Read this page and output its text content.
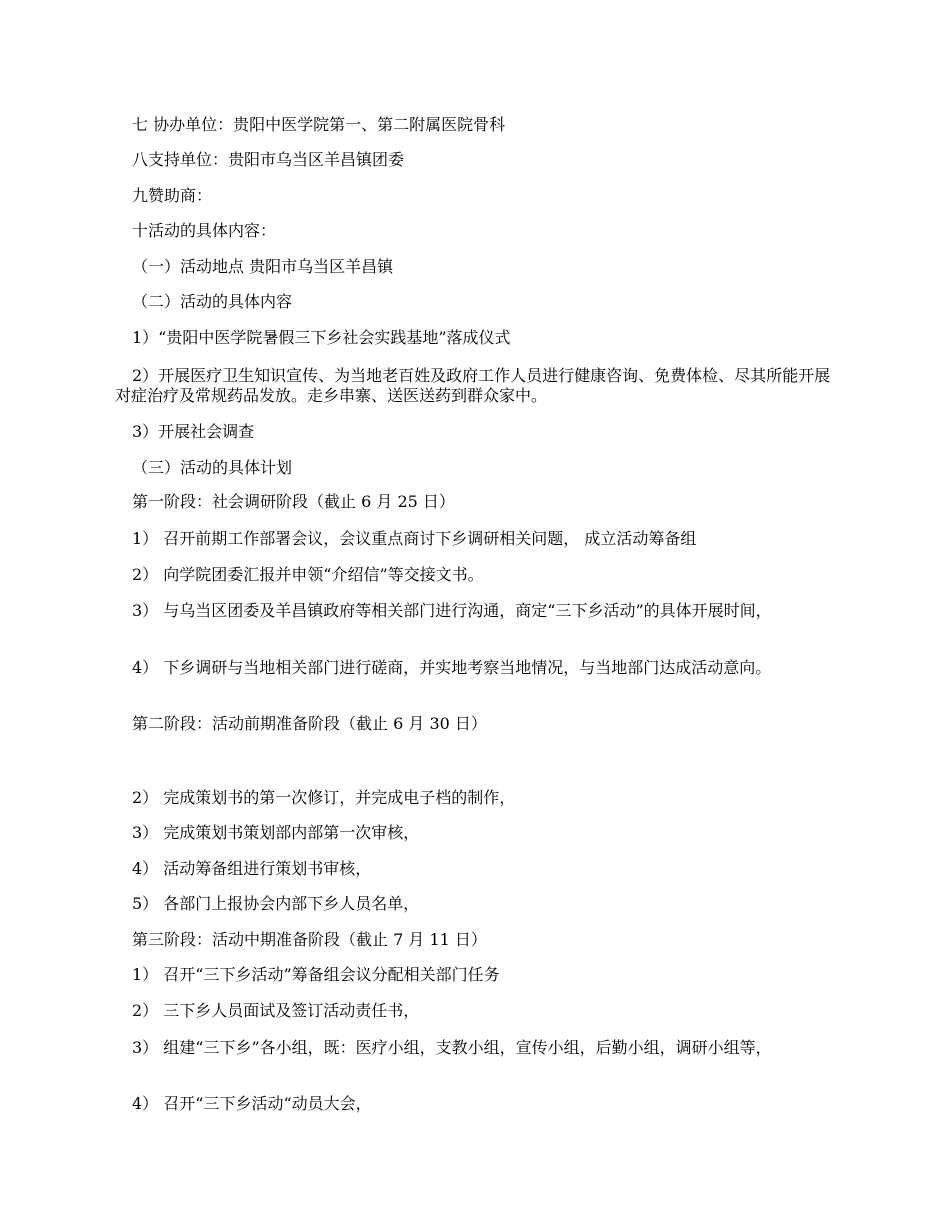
七 协办单位：贵阳中医学院第一、第二附属医院骨科
八支持单位：贵阳市乌当区羊昌镇团委
九赞助商：
十活动的具体内容：
（一）活动地点 贵阳市乌当区羊昌镇
（二）活动的具体内容
1）“贵阳中医学院暑假三下乡社会实践基地”落成仪式
2）开展医疗卫生知识宣传、为当地老百姓及政府工作人员进行健康咨询、免费体检、尽其所能开展对症治疗及常规药品发放。走乡串寨、送医送药到群众家中。
3）开展社会调查
（三）活动的具体计划
第一阶段：社会调研阶段（截止 6 月 25 日）
1） 召开前期工作部署会议，会议重点商讨下乡调研相关问题， 成立活动筹备组
2） 向学院团委汇报并申领“介绍信”等交接文书。
3） 与乌当区团委及羊昌镇政府等相关部门进行沟通，商定“三下乡活动”的具体开展时间，
4） 下乡调研与当地相关部门进行磋商，并实地考察当地情况，与当地部门达成活动意向。
第二阶段：活动前期准备阶段（截止 6 月 30 日）
2） 完成策划书的第一次修订，并完成电子档的制作，
3） 完成策划书策划部内部第一次审核，
4） 活动筹备组进行策划书审核，
5） 各部门上报协会内部下乡人员名单，
第三阶段：活动中期准备阶段（截止 7 月 11 日）
1） 召开“三下乡活动”筹备组会议分配相关部门任务
2） 三下乡人员面试及签订活动责任书，
3） 组建“三下乡”各小组，既：医疗小组，支教小组，宣传小组，后勤小组，调研小组等，
4） 召开“三下乡活动“动员大会，
